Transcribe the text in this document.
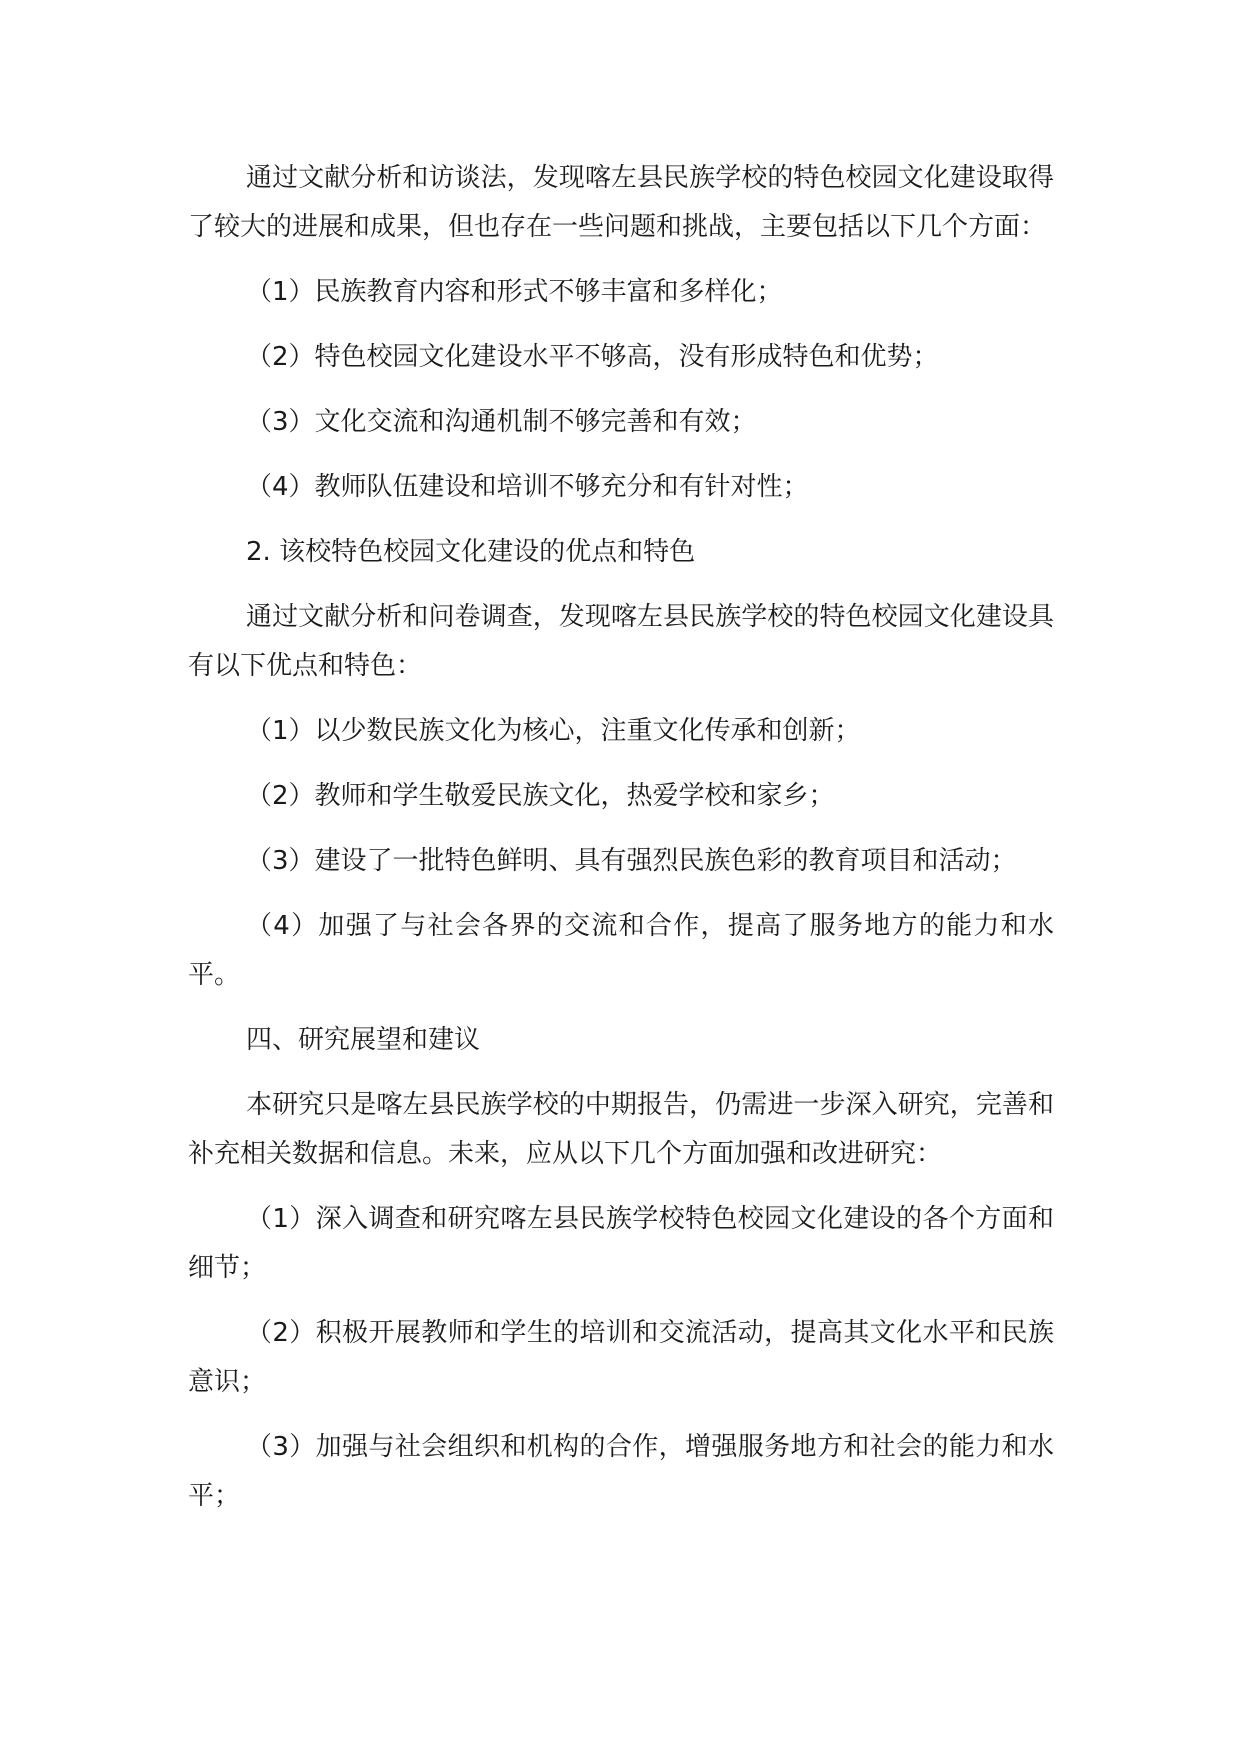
通过文献分析和访谈法，发现喀左县民族学校的特色校园文化建设取得了较大的进展和成果，但也存在一些问题和挑战，主要包括以下几个方面：

（1）民族教育内容和形式不够丰富和多样化；

（2）特色校园文化建设水平不够高，没有形成特色和优势；

（3）文化交流和沟通机制不够完善和有效；

（4）教师队伍建设和培训不够充分和有针对性；

2. 该校特色校园文化建设的优点和特色

通过文献分析和问卷调查，发现喀左县民族学校的特色校园文化建设具有以下优点和特色：

（1）以少数民族文化为核心，注重文化传承和创新；

（2）教师和学生敬爱民族文化，热爱学校和家乡；

（3）建设了一批特色鲜明、具有强烈民族色彩的教育项目和活动；

（4）加强了与社会各界的交流和合作，提高了服务地方的能力和水平。

四、研究展望和建议

本研究只是喀左县民族学校的中期报告，仍需进一步深入研究，完善和补充相关数据和信息。未来，应从以下几个方面加强和改进研究：

（1）深入调查和研究喀左县民族学校特色校园文化建设的各个方面和细节；

（2）积极开展教师和学生的培训和交流活动，提高其文化水平和民族意识；

（3）加强与社会组织和机构的合作，增强服务地方和社会的能力和水平；
